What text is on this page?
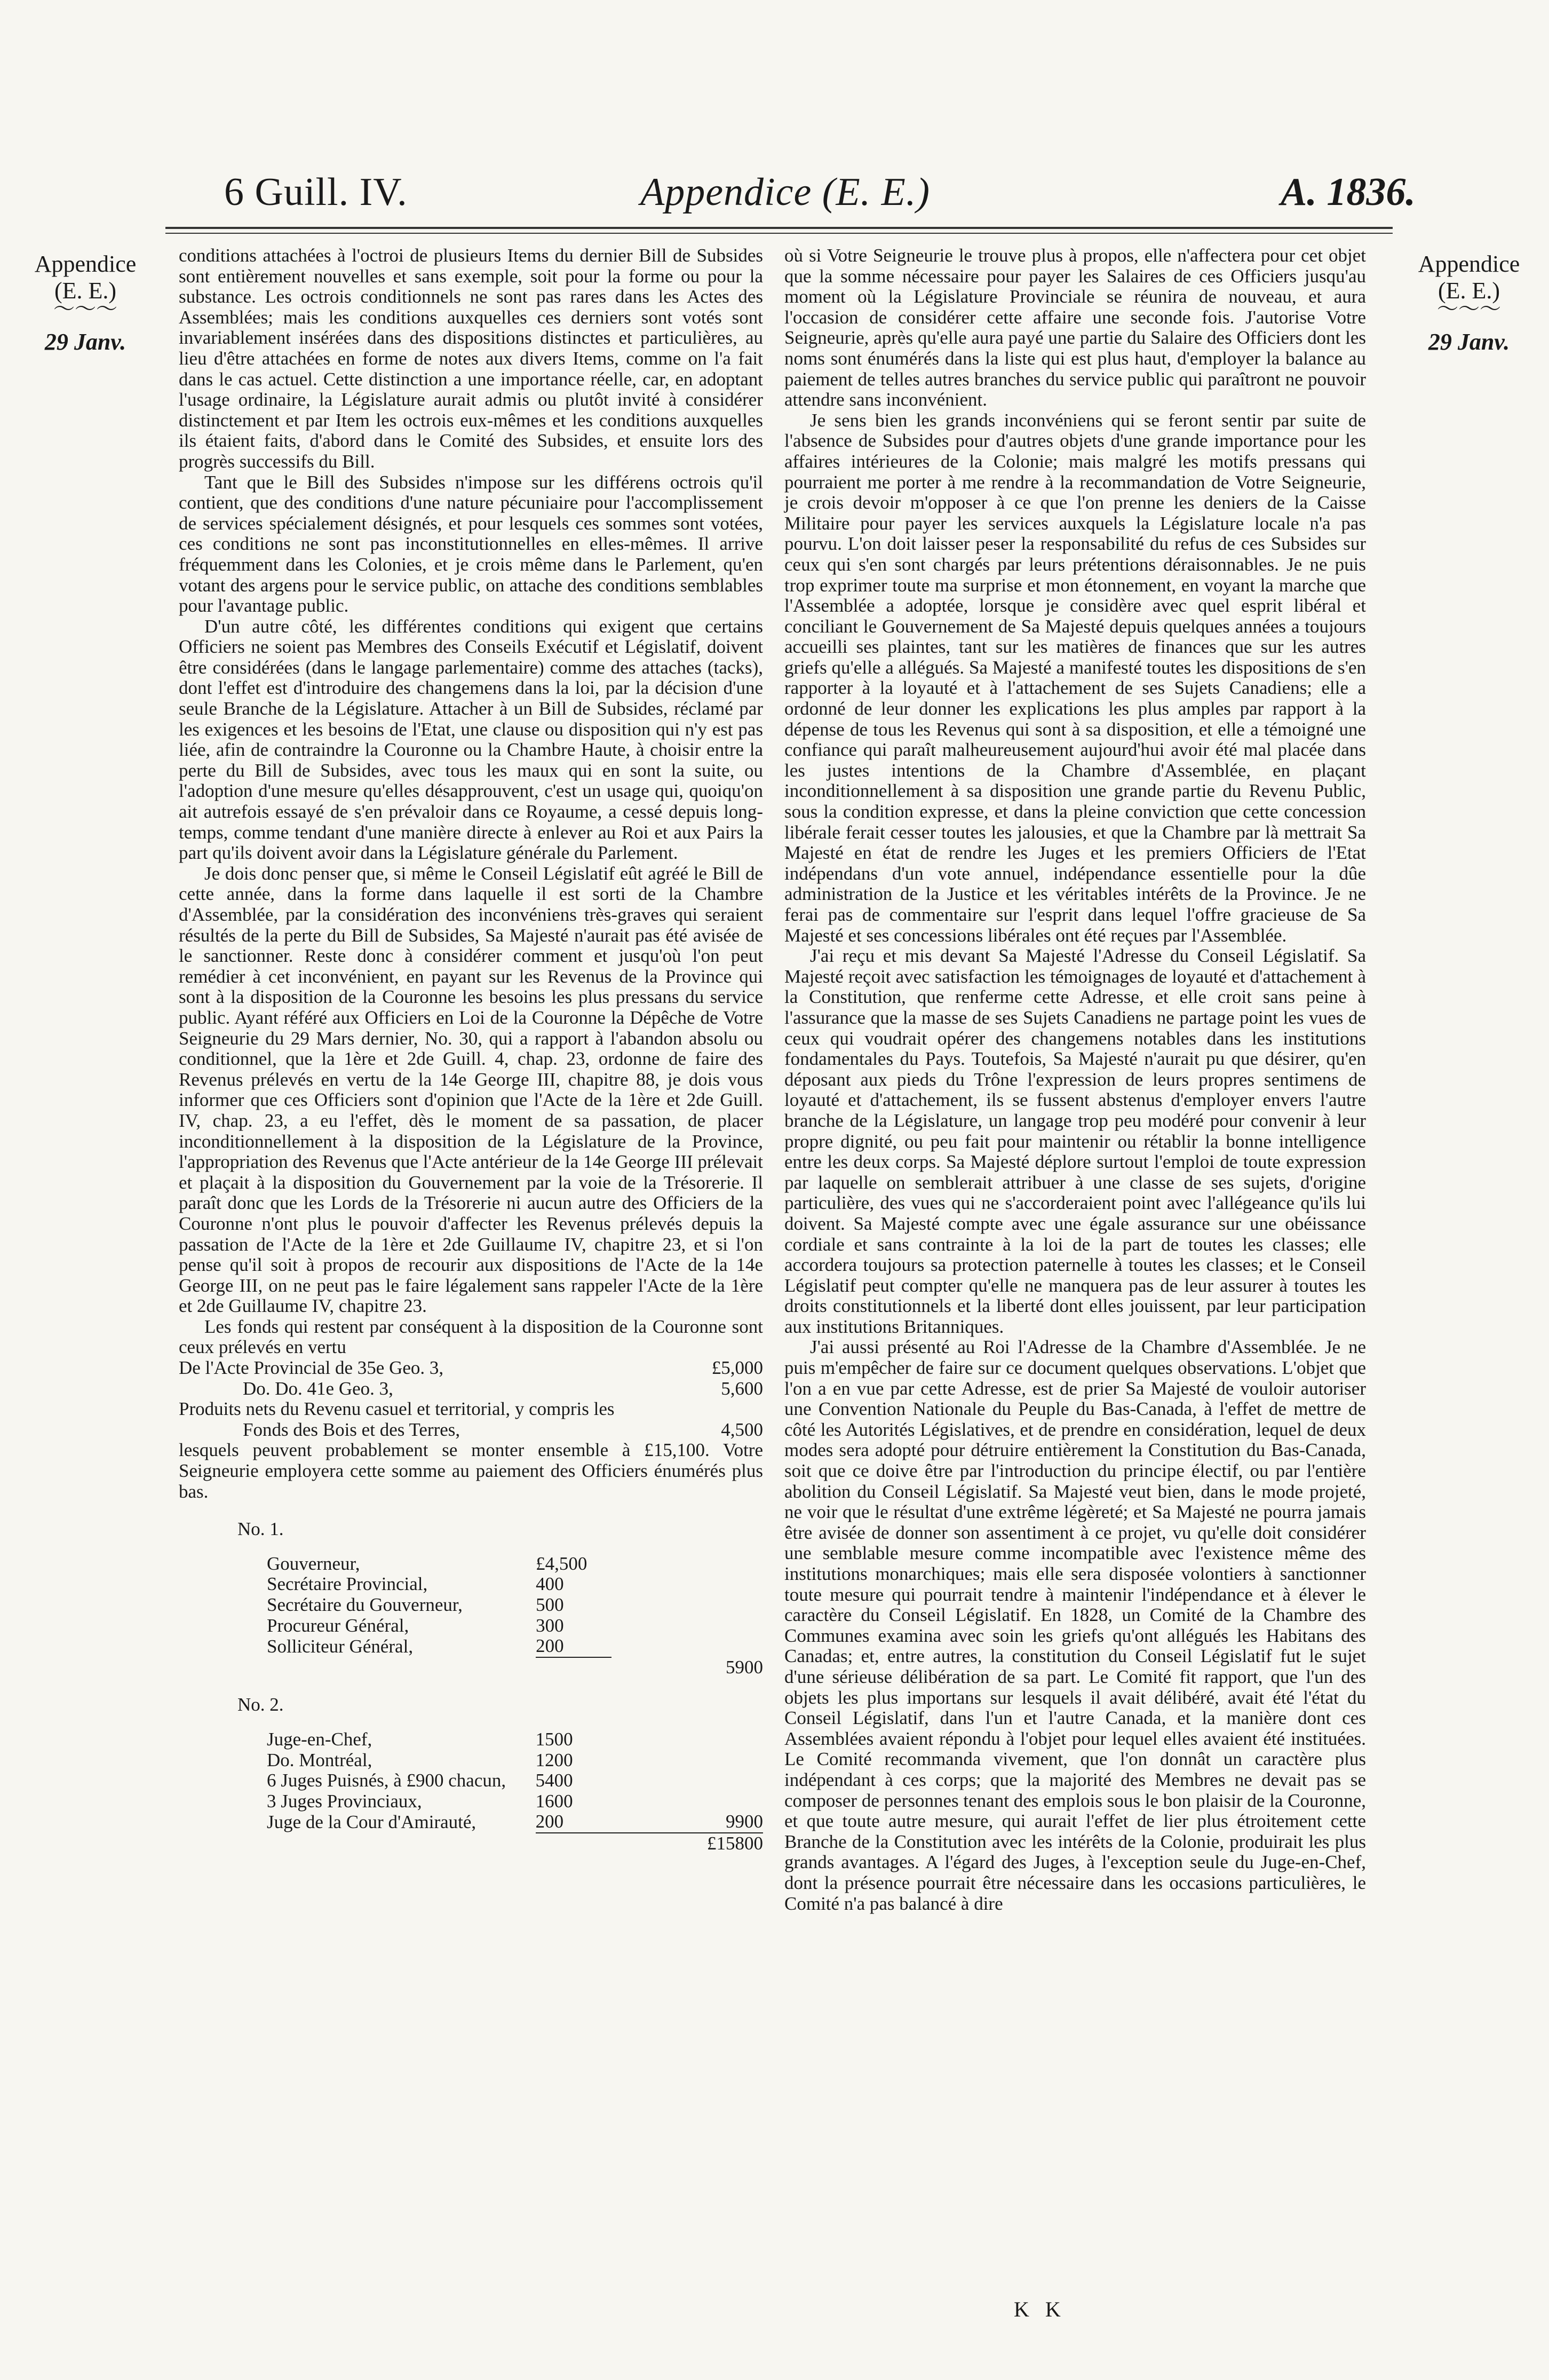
6 Guill. IV.	Appendice (E. E.)	A. 1836.
Appendice
(E. E.)
〜〜〜
29 Janv.
Appendice
(E. E.)
〜〜〜
29 Janv.

conditions attachées à l'octroi de plusieurs Items du dernier Bill de Subsides sont entièrement nouvelles et sans exemple, soit pour la forme ou pour la substance. Les octrois conditionnels ne sont pas rares dans les Actes des Assemblées; mais les conditions auxquelles ces derniers sont votés sont invariablement insérées dans des dispositions distinctes et particulières, au lieu d'être attachées en forme de notes aux divers Items, comme on l'a fait dans le cas actuel. Cette distinction a une importance réelle, car, en adoptant l'usage ordinaire, la Législature aurait admis ou plutôt invité à considérer distinctement et par Item les octrois eux-mêmes et les conditions auxquelles ils étaient faits, d'abord dans le Comité des Subsides, et ensuite lors des progrès successifs du Bill.

Tant que le Bill des Subsides n'impose sur les différens octrois qu'il contient, que des conditions d'une nature pécuniaire pour l'accomplissement de services spécialement désignés, et pour lesquels ces sommes sont votées, ces conditions ne sont pas inconstitutionnelles en elles-mêmes. Il arrive fréquemment dans les Colonies, et je crois même dans le Parlement, qu'en votant des argens pour le service public, on attache des conditions semblables pour l'avantage public.

D'un autre côté, les différentes conditions qui exigent que certains Officiers ne soient pas Membres des Conseils Exécutif et Législatif, doivent être considérées (dans le langage parlementaire) comme des attaches (tacks), dont l'effet est d'introduire des changemens dans la loi, par la décision d'une seule Branche de la Législature. Attacher à un Bill de Subsides, réclamé par les exigences et les besoins de l'Etat, une clause ou disposition qui n'y est pas liée, afin de contraindre la Couronne ou la Chambre Haute, à choisir entre la perte du Bill de Subsides, avec tous les maux qui en sont la suite, ou l'adoption d'une mesure qu'elles désapprouvent, c'est un usage qui, quoiqu'on ait autrefois essayé de s'en prévaloir dans ce Royaume, a cessé depuis long-temps, comme tendant d'une manière directe à enlever au Roi et aux Pairs la part qu'ils doivent avoir dans la Législature générale du Parlement.

Je dois donc penser que, si même le Conseil Législatif eût agréé le Bill de cette année, dans la forme dans laquelle il est sorti de la Chambre d'Assemblée, par la considération des inconvéniens très-graves qui seraient résultés de la perte du Bill de Subsides, Sa Majesté n'aurait pas été avisée de le sanctionner. Reste donc à considérer comment et jusqu'où l'on peut remédier à cet inconvénient, en payant sur les Revenus de la Province qui sont à la disposition de la Couronne les besoins les plus pressans du service public. Ayant référé aux Officiers en Loi de la Couronne la Dépêche de Votre Seigneurie du 29 Mars dernier, No. 30, qui a rapport à l'abandon absolu ou conditionnel, que la 1ère et 2de Guill. 4, chap. 23, ordonne de faire des Revenus prélevés en vertu de la 14e George III, chapitre 88, je dois vous informer que ces Officiers sont d'opinion que l'Acte de la 1ère et 2de Guill. IV, chap. 23, a eu l'effet, dès le moment de sa passation, de placer inconditionnellement à la disposition de la Législature de la Province, l'appropriation des Revenus que l'Acte antérieur de la 14e George III prélevait et plaçait à la disposition du Gouvernement par la voie de la Trésorerie. Il paraît donc que les Lords de la Trésorerie ni aucun autre des Officiers de la Couronne n'ont plus le pouvoir d'affecter les Revenus prélevés depuis la passation de l'Acte de la 1ère et 2de Guillaume IV, chapitre 23, et si l'on pense qu'il soit à propos de recourir aux dispositions de l'Acte de la 14e George III, on ne peut pas le faire légalement sans rappeler l'Acte de la 1ère et 2de Guillaume IV, chapitre 23.

Les fonds qui restent par conséquent à la disposition de la Couronne sont ceux prélevés en vertu

De l'Acte Provincial de 35e Geo. 3,	£5,000
Do. Do. 41e Geo. 3,	5,600
Produits nets du Revenu casuel et territorial, y compris les
Fonds des Bois et des Terres,	4,500

lesquels peuvent probablement se monter ensemble à £15,100. Votre Seigneurie employera cette somme au paiement des Officiers énumérés plus bas.

No. 1.
Gouverneur,	£4,500	
Secrétaire Provincial,	400	
Secrétaire du Gouverneur,	500	
Procureur Général,	300	
Solliciteur Général,	200	
		5900
No. 2.
Juge-en-Chef,	1500	
Do. Montréal,	1200	
6 Juges Puisnés, à £900 chacun,	5400	
3 Juges Provinciaux,	1600	
Juge de la Cour d'Amirauté,	200	9900
		£15800

où si Votre Seigneurie le trouve plus à propos, elle n'affectera pour cet objet que la somme nécessaire pour payer les Salaires de ces Officiers jusqu'au moment où la Législature Provinciale se réunira de nouveau, et aura l'occasion de considérer cette affaire une seconde fois. J'autorise Votre Seigneurie, après qu'elle aura payé une partie du Salaire des Officiers dont les noms sont énumérés dans la liste qui est plus haut, d'employer la balance au paiement de telles autres branches du service public qui paraîtront ne pouvoir attendre sans inconvénient.

Je sens bien les grands inconvéniens qui se feront sentir par suite de l'absence de Subsides pour d'autres objets d'une grande importance pour les affaires intérieures de la Colonie; mais malgré les motifs pressans qui pourraient me porter à me rendre à la recommandation de Votre Seigneurie, je crois devoir m'opposer à ce que l'on prenne les deniers de la Caisse Militaire pour payer les services auxquels la Législature locale n'a pas pourvu. L'on doit laisser peser la responsabilité du refus de ces Subsides sur ceux qui s'en sont chargés par leurs prétentions déraisonnables. Je ne puis trop exprimer toute ma surprise et mon étonnement, en voyant la marche que l'Assemblée a adoptée, lorsque je considère avec quel esprit libéral et conciliant le Gouvernement de Sa Majesté depuis quelques années a toujours accueilli ses plaintes, tant sur les matières de finances que sur les autres griefs qu'elle a allégués. Sa Majesté a manifesté toutes les dispositions de s'en rapporter à la loyauté et à l'attachement de ses Sujets Canadiens; elle a ordonné de leur donner les explications les plus amples par rapport à la dépense de tous les Revenus qui sont à sa disposition, et elle a témoigné une confiance qui paraît malheureusement aujourd'hui avoir été mal placée dans les justes intentions de la Chambre d'Assemblée, en plaçant inconditionnellement à sa disposition une grande partie du Revenu Public, sous la condition expresse, et dans la pleine conviction que cette concession libérale ferait cesser toutes les jalousies, et que la Chambre par là mettrait Sa Majesté en état de rendre les Juges et les premiers Officiers de l'Etat indépendans d'un vote annuel, indépendance essentielle pour la dûe administration de la Justice et les véritables intérêts de la Province. Je ne ferai pas de commentaire sur l'esprit dans lequel l'offre gracieuse de Sa Majesté et ses concessions libérales ont été reçues par l'Assemblée.

J'ai reçu et mis devant Sa Majesté l'Adresse du Conseil Législatif. Sa Majesté reçoit avec satisfaction les témoignages de loyauté et d'attachement à la Constitution, que renferme cette Adresse, et elle croit sans peine à l'assurance que la masse de ses Sujets Canadiens ne partage point les vues de ceux qui voudrait opérer des changemens notables dans les institutions fondamentales du Pays. Toutefois, Sa Majesté n'aurait pu que désirer, qu'en déposant aux pieds du Trône l'expression de leurs propres sentimens de loyauté et d'attachement, ils se fussent abstenus d'employer envers l'autre branche de la Législature, un langage trop peu modéré pour convenir à leur propre dignité, ou peu fait pour maintenir ou rétablir la bonne intelligence entre les deux corps. Sa Majesté déplore surtout l'emploi de toute expression par laquelle on semblerait attribuer à une classe de ses sujets, d'origine particulière, des vues qui ne s'accorderaient point avec l'allégeance qu'ils lui doivent. Sa Majesté compte avec une égale assurance sur une obéissance cordiale et sans contrainte à la loi de la part de toutes les classes; elle accordera toujours sa protection paternelle à toutes les classes; et le Conseil Législatif peut compter qu'elle ne manquera pas de leur assurer à toutes les droits constitutionnels et la liberté dont elles jouissent, par leur participation aux institutions Britanniques.

J'ai aussi présenté au Roi l'Adresse de la Chambre d'Assemblée. Je ne puis m'empêcher de faire sur ce document quelques observations. L'objet que l'on a en vue par cette Adresse, est de prier Sa Majesté de vouloir autoriser une Convention Nationale du Peuple du Bas-Canada, à l'effet de mettre de côté les Autorités Législatives, et de prendre en considération, lequel de deux modes sera adopté pour détruire entièrement la Constitution du Bas-Canada, soit que ce doive être par l'introduction du principe électif, ou par l'entière abolition du Conseil Législatif. Sa Majesté veut bien, dans le mode projeté, ne voir que le résultat d'une extrême légèreté; et Sa Majesté ne pourra jamais être avisée de donner son assentiment à ce projet, vu qu'elle doit considérer une semblable mesure comme incompatible avec l'existence même des institutions monarchiques; mais elle sera disposée volontiers à sanctionner toute mesure qui pourrait tendre à maintenir l'indépendance et à élever le caractère du Conseil Législatif. En 1828, un Comité de la Chambre des Communes examina avec soin les griefs qu'ont allégués les Habitans des Canadas; et, entre autres, la constitution du Conseil Législatif fut le sujet d'une sérieuse délibération de sa part. Le Comité fit rapport, que l'un des objets les plus importans sur lesquels il avait délibéré, avait été l'état du Conseil Législatif, dans l'un et l'autre Canada, et la manière dont ces Assemblées avaient répondu à l'objet pour lequel elles avaient été instituées. Le Comité recommanda vivement, que l'on donnât un caractère plus indépendant à ces corps; que la majorité des Membres ne devait pas se composer de personnes tenant des emplois sous le bon plaisir de la Couronne, et que toute autre mesure, qui aurait l'effet de lier plus étroitement cette Branche de la Constitution avec les intérêts de la Colonie, produirait les plus grands avantages. A l'égard des Juges, à l'exception seule du Juge-en-Chef, dont la présence pourrait être nécessaire dans les occasions particulières, le Comité n'a pas balancé à dire

K K
